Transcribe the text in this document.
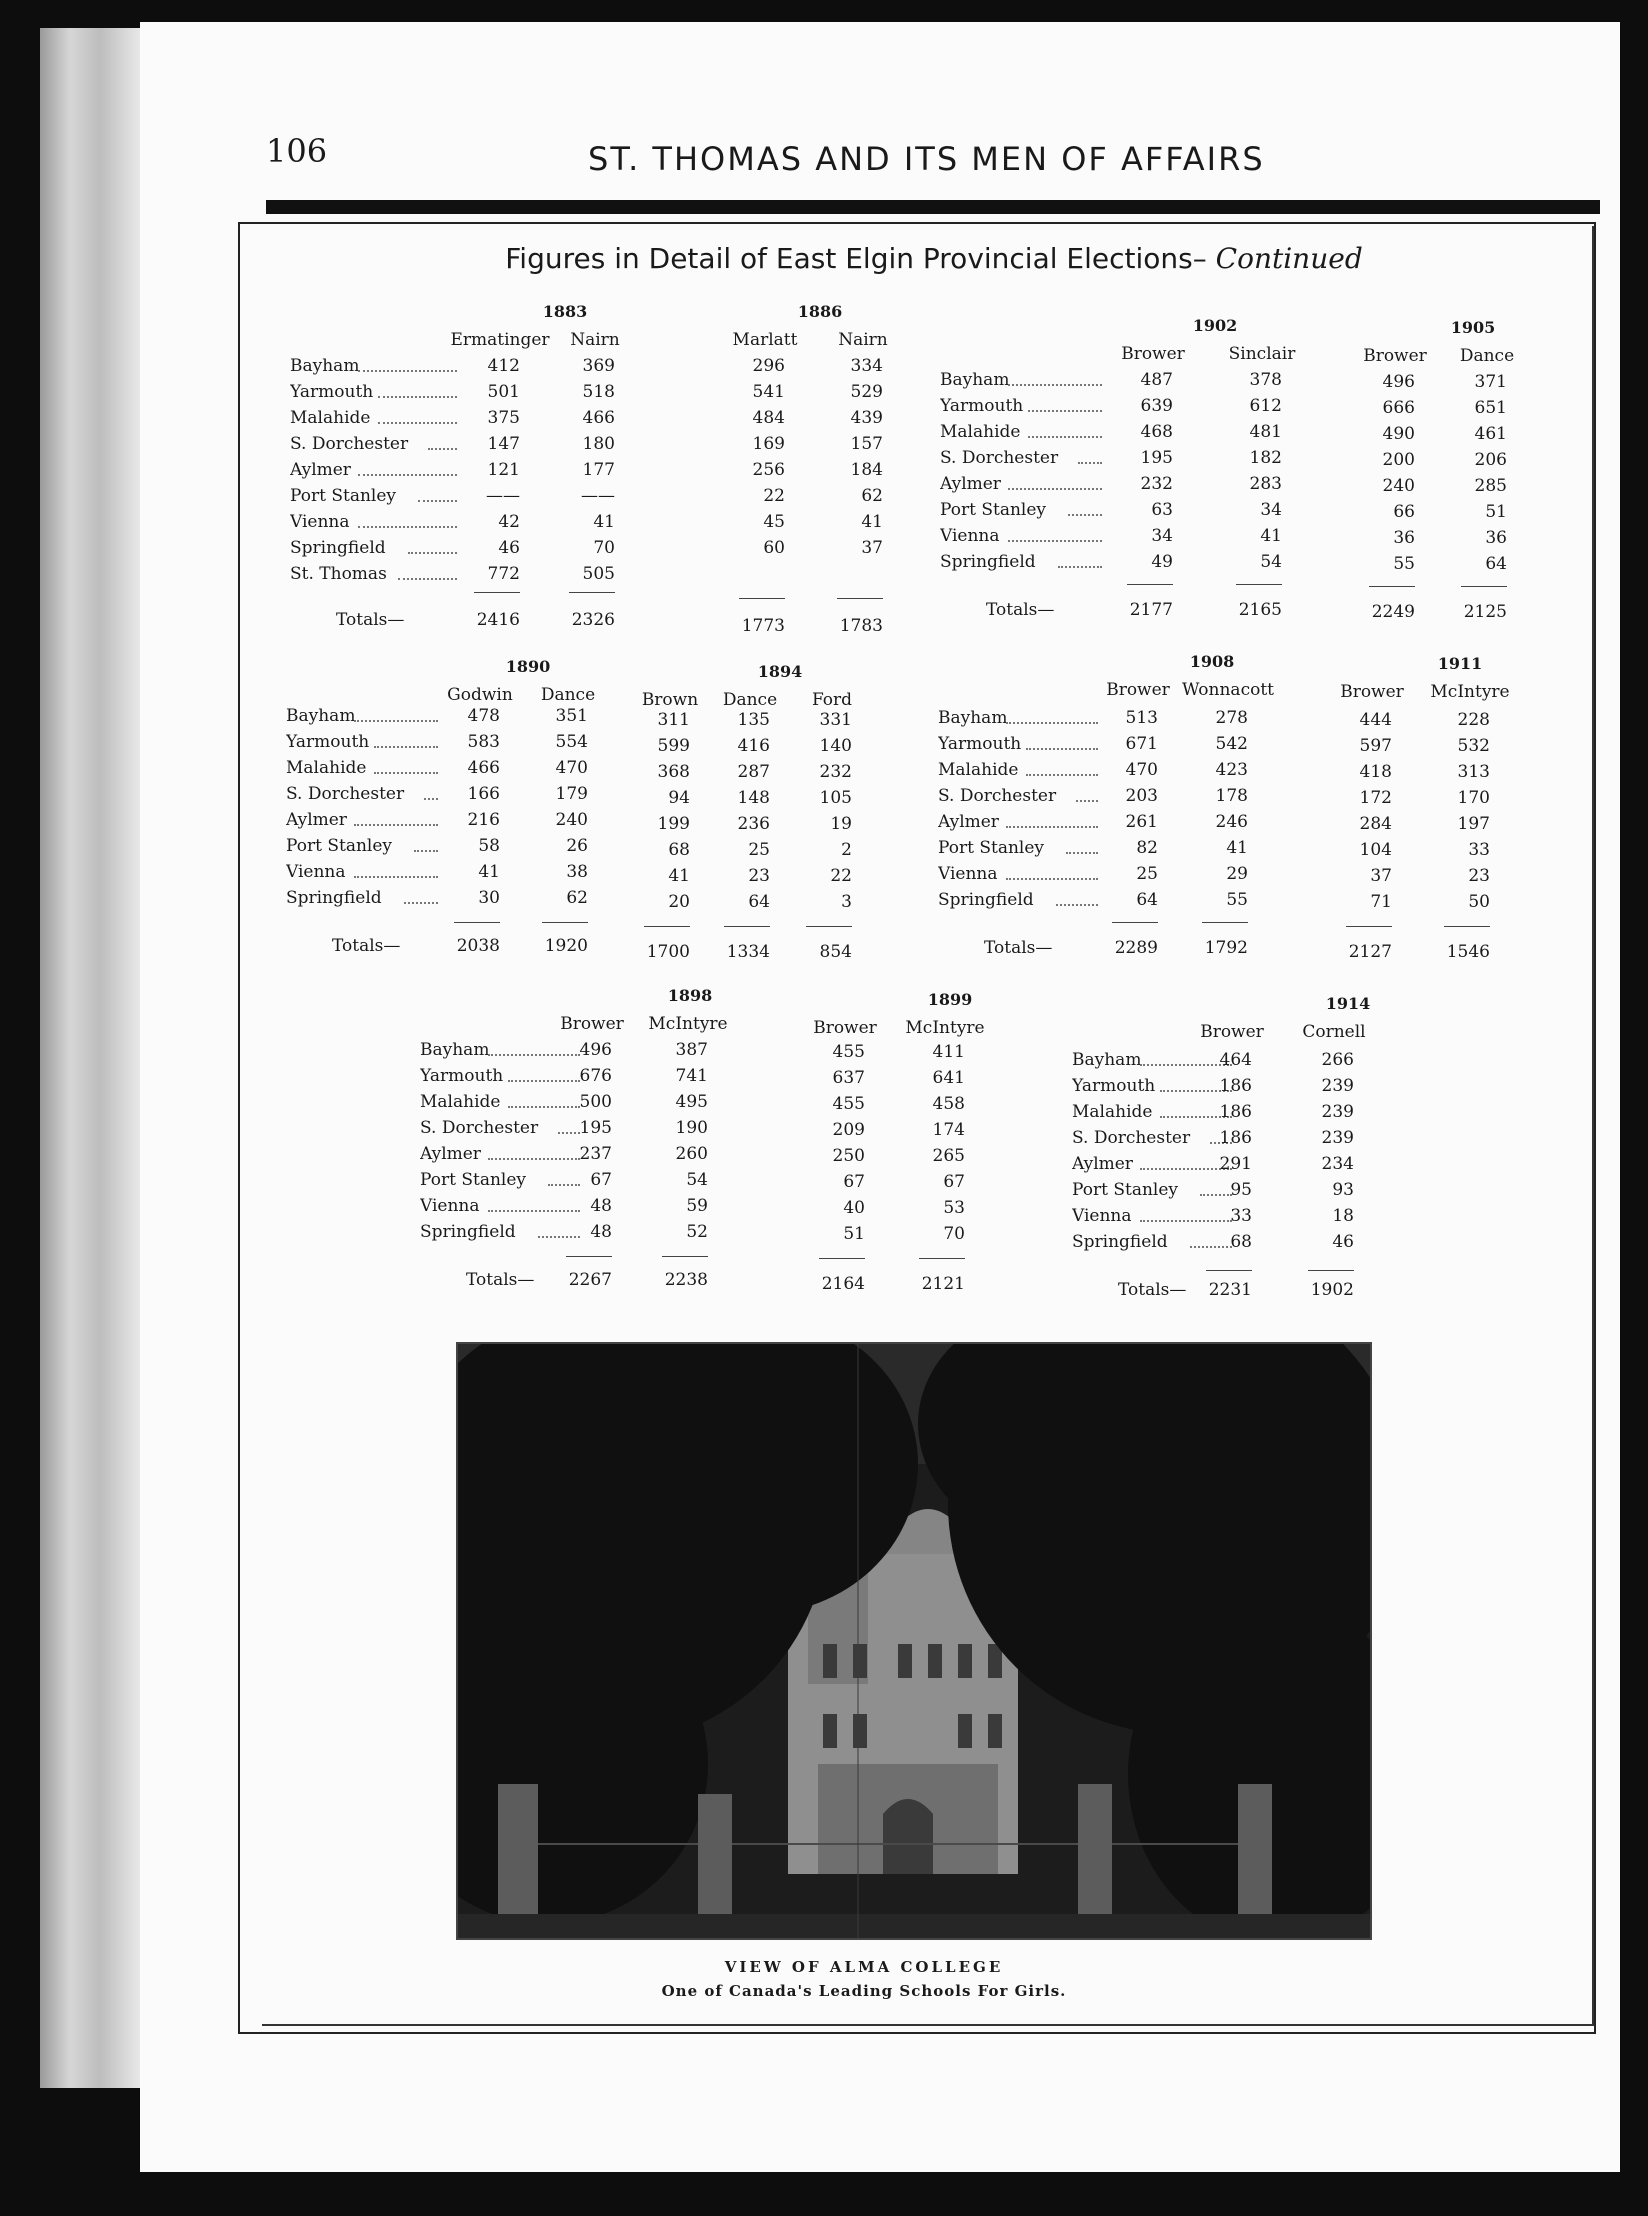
106	ST. THOMAS AND ITS MEN OF AFFAIRS
Figures in Detail of East Elgin Provincial Elections– Continued
1883
Ermatinger	Nairn
Bayham	412	369
Yarmouth	501	518
Malahide	375	466
S. Dorchester	147	180
Aylmer	121	177
Port Stanley	——	——
Vienna	42	41
Springfield	46	70
St. Thomas	772	505
Totals—	2416	2326
1886
Marlatt	Nairn
296	334
541	529
484	439
169	157
256	184
22	62
45	41
60	37
1773	1783
1902
Brower	Sinclair
Bayham	487	378
Yarmouth	639	612
Malahide	468	481
S. Dorchester	195	182
Aylmer	232	283
Port Stanley	63	34
Vienna	34	41
Springfield	49	54
Totals—	2177	2165
1905
Brower	Dance
496	371
666	651
490	461
200	206
240	285
66	51
36	36
55	64
2249	2125
1890
Godwin	Dance
Bayham	478	351
Yarmouth	583	554
Malahide	466	470
S. Dorchester	166	179
Aylmer	216	240
Port Stanley	58	26
Vienna	41	38
Springfield	30	62
Totals—	2038	1920
1894
Brown	Dance	Ford
311	135	331
599	416	140
368	287	232
94	148	105
199	236	19
68	25	2
41	23	22
20	64	3
1700	1334	854
1908
Brower Wonnacott
Bayham	513	278
Yarmouth	671	542
Malahide	470	423
S. Dorchester	203	178
Aylmer	261	246
Port Stanley	82	41
Vienna	25	29
Springfield	64	55
Totals—	2289	1792
1911
Brower	McIntyre
444	228
597	532
418	313
172	170
284	197
104	33
37	23
71	50
2127	1546
1898
Brower	McIntyre
Bayham	496	387
Yarmouth	676	741
Malahide	500	495
S. Dorchester	195	190
Aylmer	237	260
Port Stanley	67	54
Vienna	48	59
Springfield	48	52
Totals—	2267	2238
1899
Brower	McIntyre
455	411
637	641
455	458
209	174
250	265
67	67
40	53
51	70
2164	2121
1914
Brower	Cornell
Bayham	464	266
Yarmouth	186	239
Malahide	186	239
S. Dorchester	186	239
Aylmer	291	234
Port Stanley	95	93
Vienna	33	18
Springfield	68	46
Totals—	2231	1902
VIEW OF ALMA COLLEGE
One of Canada's Leading Schools For Girls.
